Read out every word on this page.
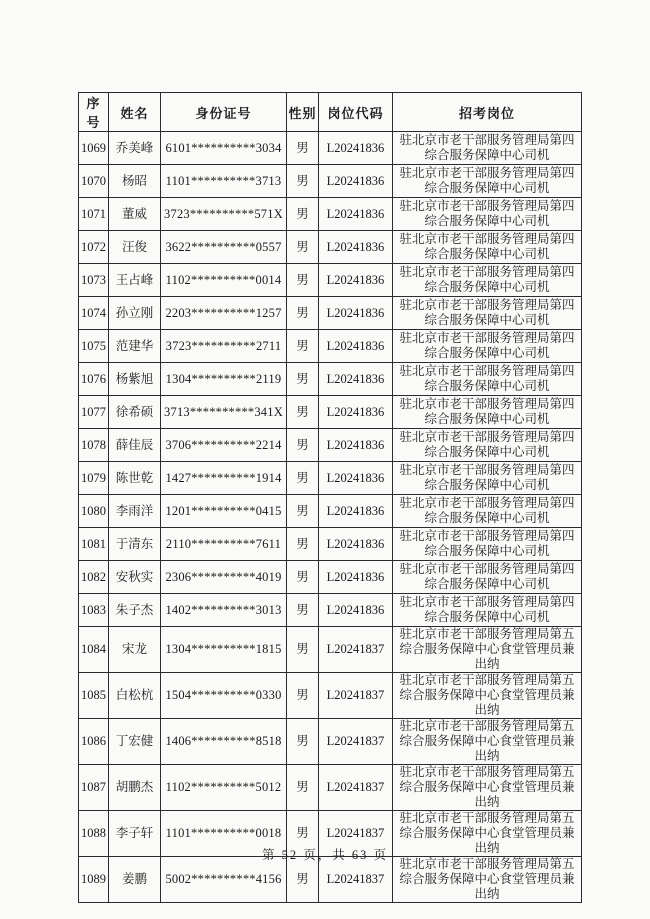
序号	姓名	身份证号	性别	岗位代码	招考岗位
1069	乔美峰	6101**********3034	男	L20241836	驻北京市老干部服务管理局第四综合服务保障中心司机
1070	杨昭	1101**********3713	男	L20241836	驻北京市老干部服务管理局第四综合服务保障中心司机
1071	董威	3723**********571X	男	L20241836	驻北京市老干部服务管理局第四综合服务保障中心司机
1072	汪俊	3622**********0557	男	L20241836	驻北京市老干部服务管理局第四综合服务保障中心司机
1073	王占峰	1102**********0014	男	L20241836	驻北京市老干部服务管理局第四综合服务保障中心司机
1074	孙立刚	2203**********1257	男	L20241836	驻北京市老干部服务管理局第四综合服务保障中心司机
1075	范建华	3723**********2711	男	L20241836	驻北京市老干部服务管理局第四综合服务保障中心司机
1076	杨紫旭	1304**********2119	男	L20241836	驻北京市老干部服务管理局第四综合服务保障中心司机
1077	徐希硕	3713**********341X	男	L20241836	驻北京市老干部服务管理局第四综合服务保障中心司机
1078	薛佳辰	3706**********2214	男	L20241836	驻北京市老干部服务管理局第四综合服务保障中心司机
1079	陈世乾	1427**********1914	男	L20241836	驻北京市老干部服务管理局第四综合服务保障中心司机
1080	李雨洋	1201**********0415	男	L20241836	驻北京市老干部服务管理局第四综合服务保障中心司机
1081	于清东	2110**********7611	男	L20241836	驻北京市老干部服务管理局第四综合服务保障中心司机
1082	安秋实	2306**********4019	男	L20241836	驻北京市老干部服务管理局第四综合服务保障中心司机
1083	朱子杰	1402**********3013	男	L20241836	驻北京市老干部服务管理局第四综合服务保障中心司机
1084	宋龙	1304**********1815	男	L20241837	驻北京市老干部服务管理局第五综合服务保障中心食堂管理员兼出纳
1085	白松杭	1504**********0330	男	L20241837	驻北京市老干部服务管理局第五综合服务保障中心食堂管理员兼出纳
1086	丁宏健	1406**********8518	男	L20241837	驻北京市老干部服务管理局第五综合服务保障中心食堂管理员兼出纳
1087	胡鹏杰	1102**********5012	男	L20241837	驻北京市老干部服务管理局第五综合服务保障中心食堂管理员兼出纳
1088	李子轩	1101**********0018	男	L20241837	驻北京市老干部服务管理局第五综合服务保障中心食堂管理员兼出纳
1089	姜鹏	5002**********4156	男	L20241837	驻北京市老干部服务管理局第五综合服务保障中心食堂管理员兼出纳
第 52 页，共 63 页
